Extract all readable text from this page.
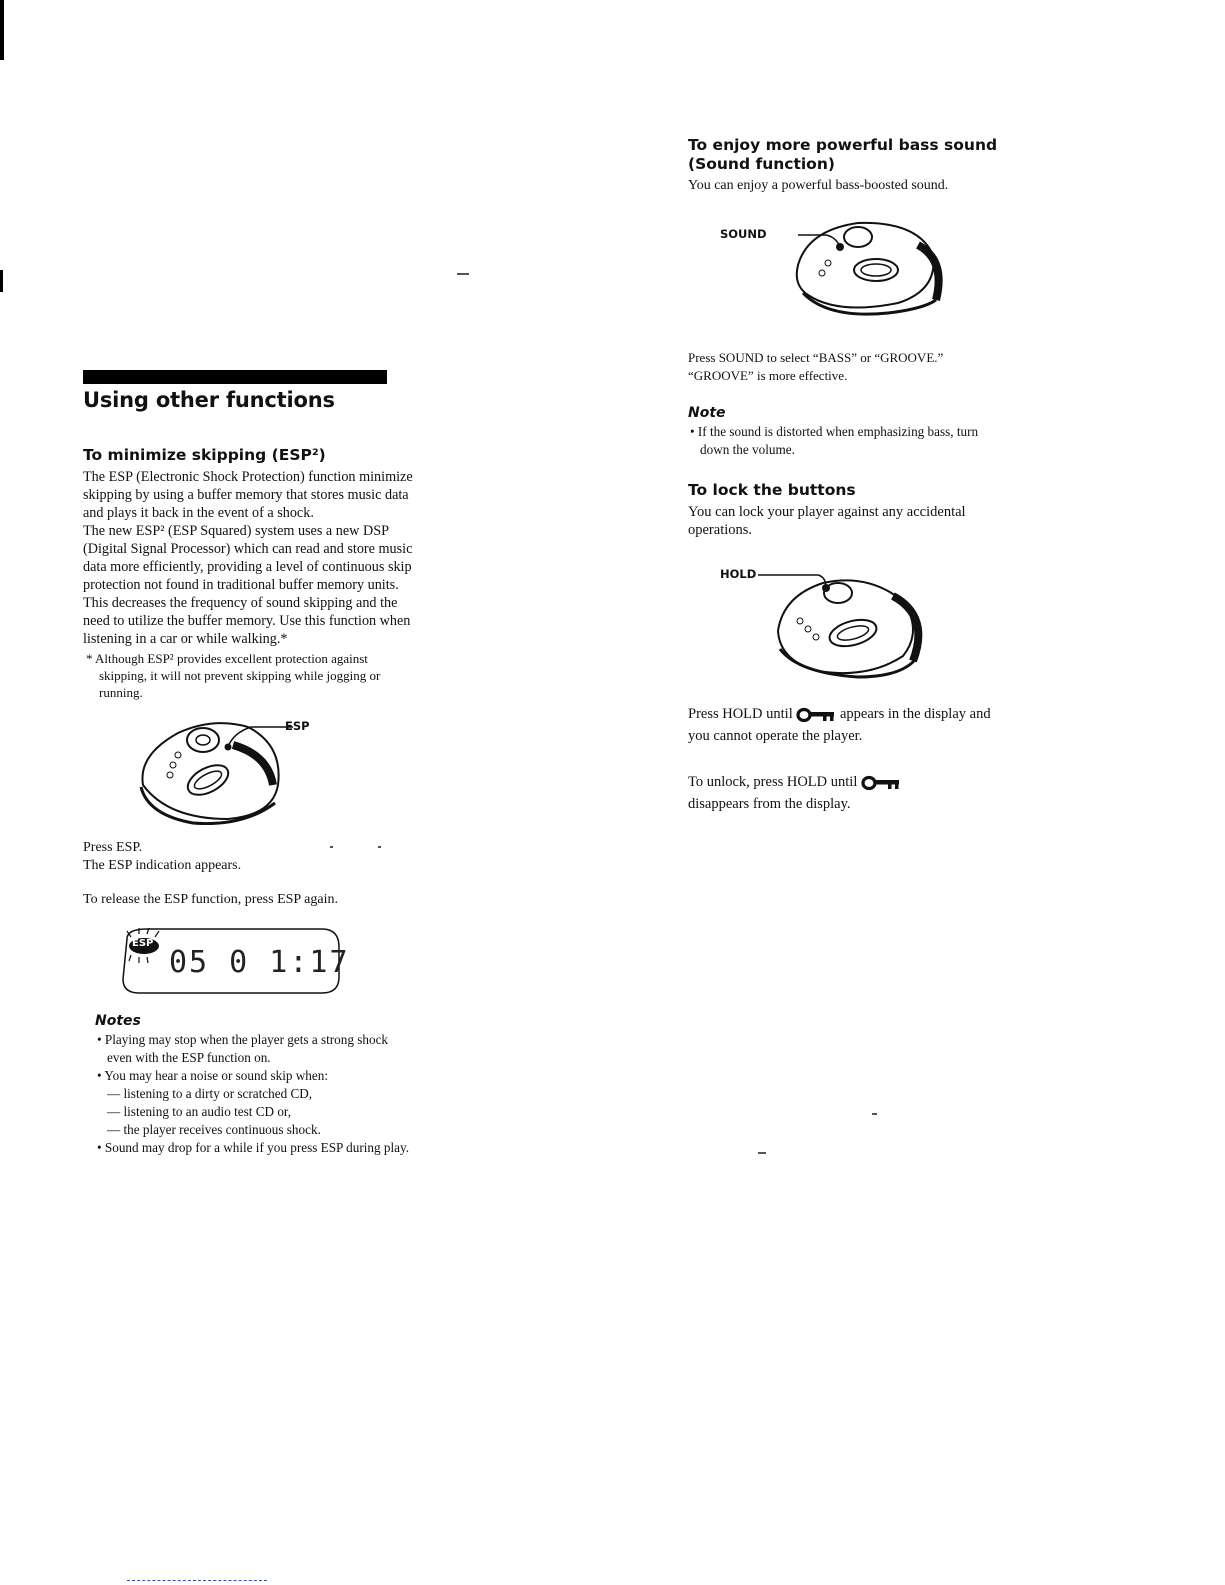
Using other functions
To minimize skipping (ESP²)

The ESP (Electronic Shock Protection) function minimize skipping by using a buffer memory that stores music data and plays it back in the event of a shock.

The new ESP² (ESP Squared) system uses a new DSP (Digital Signal Processor) which can read and store music data more efficiently, providing a level of continuous skip protection not found in traditional buffer memory units. This decreases the frequency of sound skipping and the need to utilize the buffer memory. Use this function when listening in a car or while walking.*

* Although ESP² provides excellent protection against skipping, it will not prevent skipping while jogging or running.

ESP

Press ESP.

The ESP indication appears.

To release the ESP function, press ESP again.

ESP
05 0 1:17
Notes
• Playing may stop when the player gets a strong shock even with the ESP function on.
• You may hear a noise or sound skip when:
— listening to a dirty or scratched CD,
— listening to an audio test CD or,
— the player receives continuous shock.
• Sound may drop for a while if you press ESP during play.
To enjoy more powerful bass sound
(Sound function)

You can enjoy a powerful bass-boosted sound.

SOUND

Press SOUND to select “BASS” or “GROOVE.”

“GROOVE” is more effective.

Note

• If the sound is distorted when emphasizing bass, turn down the volume.

To lock the buttons

You can lock your player against any accidental operations.

HOLD

Press HOLD until	appears in the display and you cannot operate the player.

To unlock, press HOLD until
disappears from the display.
